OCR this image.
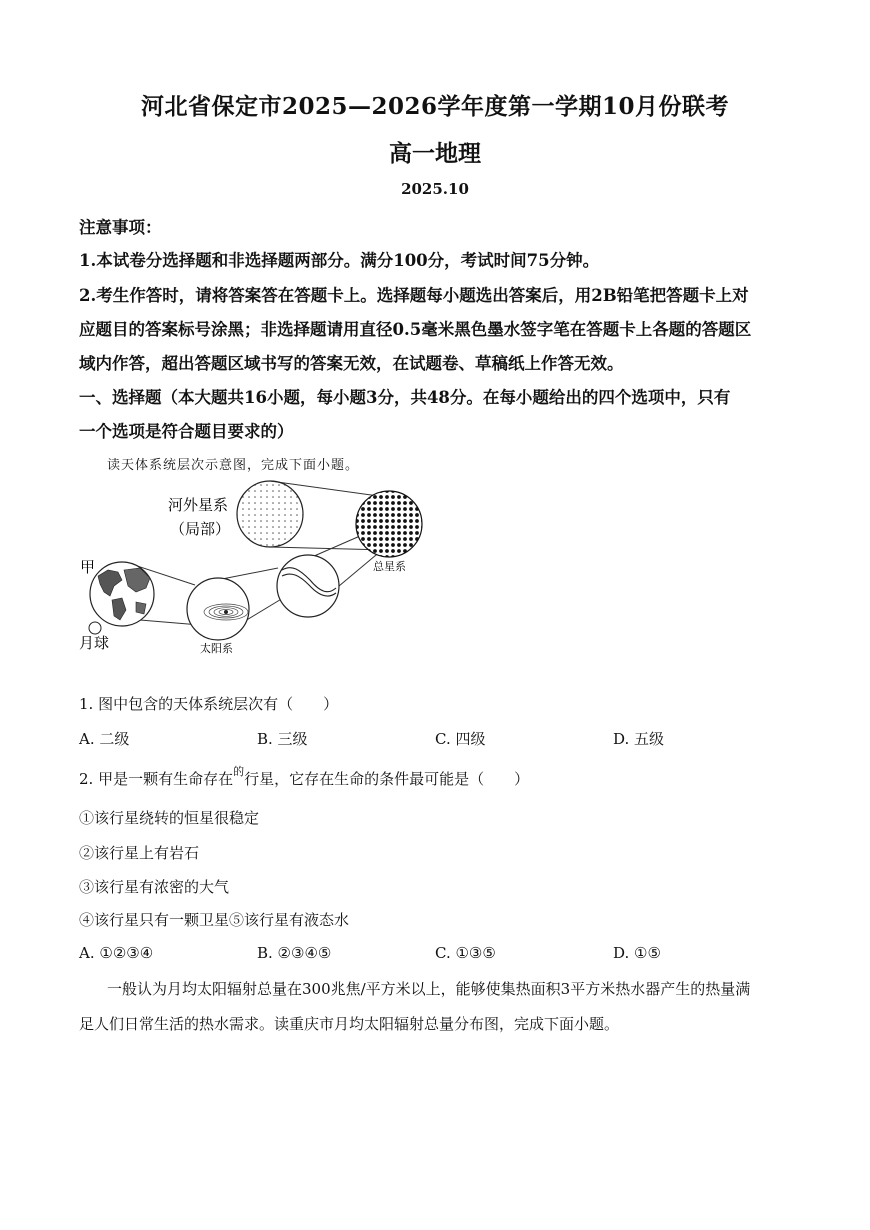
河北省保定市2025—2026学年度第一学期10月份联考
高一地理
2025.10
注意事项：
1.本试卷分选择题和非选择题两部分。满分100分，考试时间75分钟。
2.考生作答时，请将答案答在答题卡上。选择题每小题选出答案后，用2B铅笔把答题卡上对
应题目的答案标号涂黑；非选择题请用直径0.5毫米黑色墨水签字笔在答题卡上各题的答题区
域内作答，超出答题区域书写的答案无效，在试题卷、草稿纸上作答无效。
一、选择题（本大题共16小题，每小题3分，共48分。在每小题给出的四个选项中，只有
一个选项是符合题目要求的）
读天体系统层次示意图，完成下面小题。
河外星系
（局部）
总星系
太阳系
甲
月球
1. 图中包含的天体系统层次有（　　）
A. 二级	B. 三级	C. 四级	D. 五级
2. 甲是一颗有生命存在$^的$行星，它存在生命的条件最可能是（　　）
①该行星绕转的恒星很稳定
②该行星上有岩石
③该行星有浓密的大气
④该行星只有一颗卫星⑤该行星有液态水
A. ①②③④	B. ②③④⑤	C. ①③⑤	D. ①⑤
一般认为月均太阳辐射总量在300兆焦/平方米以上，能够使集热面积3平方米热水器产生的热量满
足人们日常生活的热水需求。读重庆市月均太阳辐射总量分布图，完成下面小题。
